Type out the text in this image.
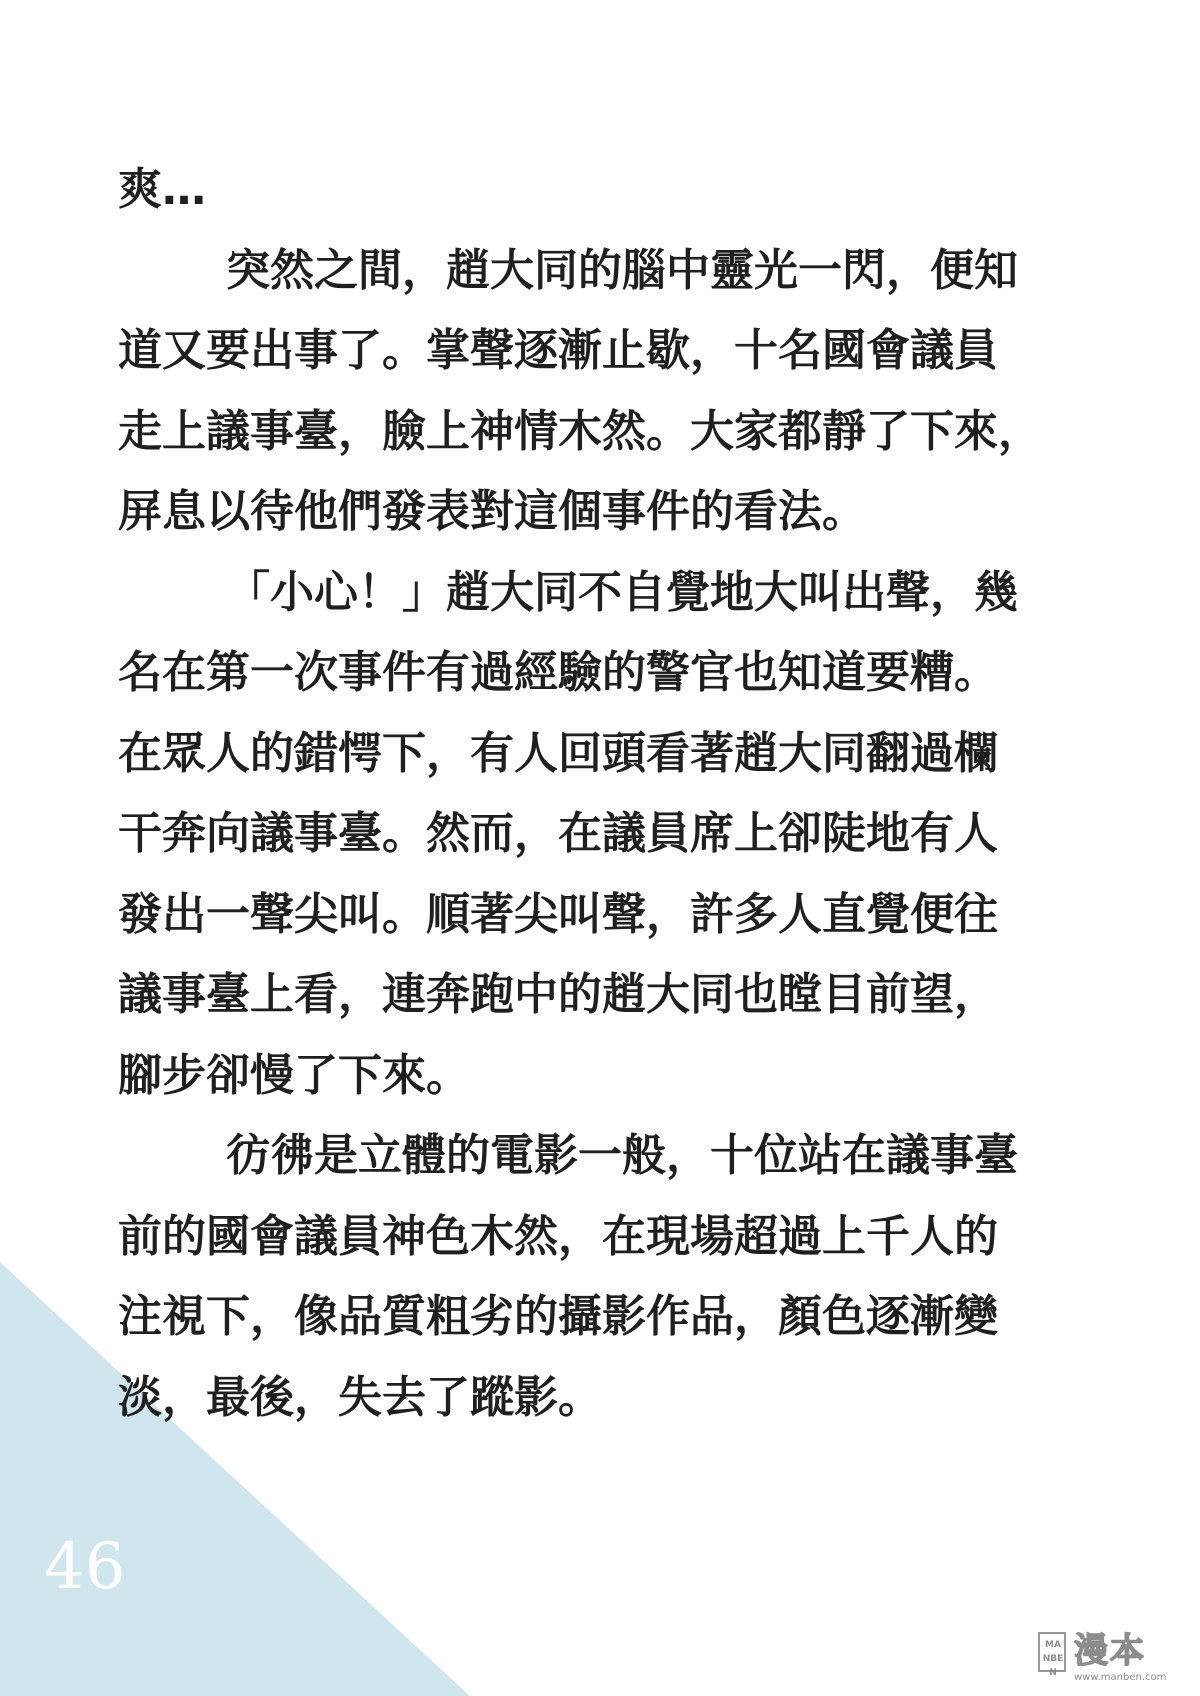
爽…
突然之間，趙大同的腦中靈光一閃，便知
道又要出事了。掌聲逐漸止歇，十名國會議員
走上議事臺，臉上神情木然。大家都靜了下來，
屏息以待他們發表對這個事件的看法。
「小心！」趙大同不自覺地大叫出聲，幾
名在第一次事件有過經驗的警官也知道要糟。
在眾人的錯愕下，有人回頭看著趙大同翻過欄
干奔向議事臺。然而，在議員席上卻陡地有人
發出一聲尖叫。順著尖叫聲，許多人直覺便往
議事臺上看，連奔跑中的趙大同也瞠目前望，
腳步卻慢了下來。
彷彿是立體的電影一般，十位站在議事臺
前的國會議員神色木然，在現場超過上千人的
注視下，像品質粗劣的攝影作品，顏色逐漸變
淡，最後，失去了蹤影。
46
MANBEN
漫本
www.manben.com
